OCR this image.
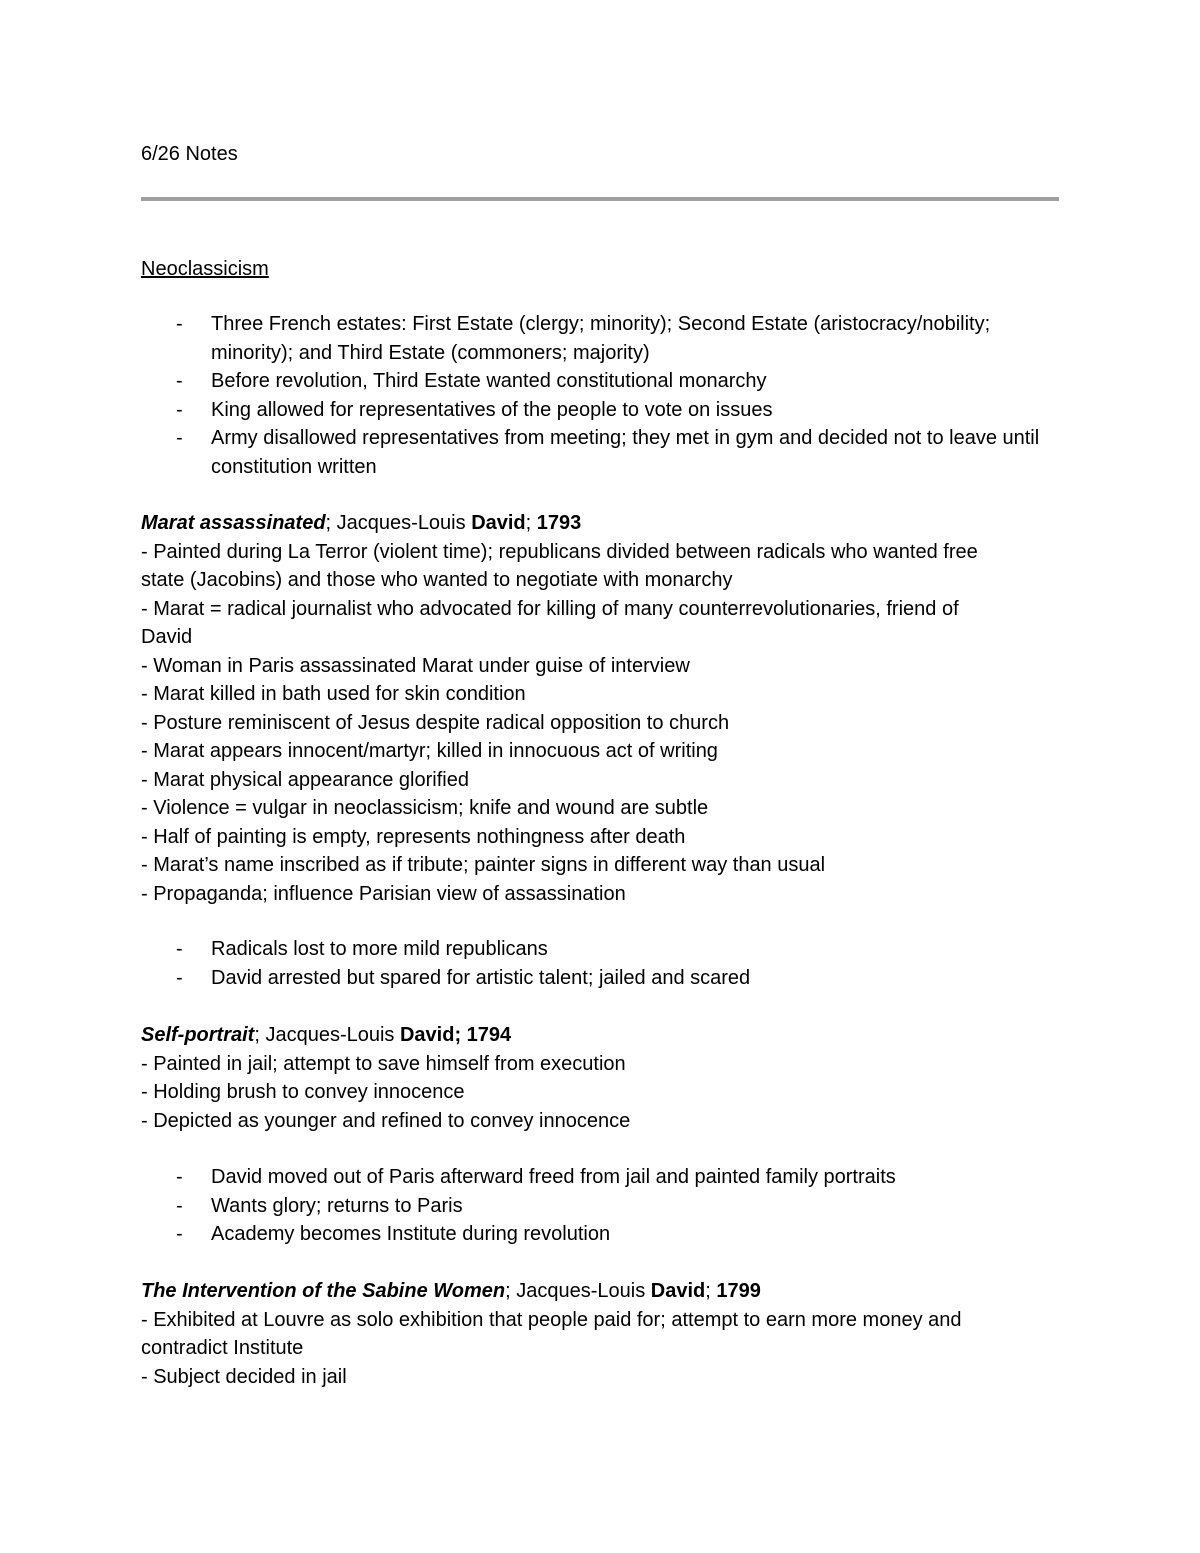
6/26 Notes
Neoclassicism
- Three French estates: First Estate (clergy; minority); Second Estate (aristocracy/nobility; minority); and Third Estate (commoners; majority)
- Before revolution, Third Estate wanted constitutional monarchy
- King allowed for representatives of the people to vote on issues
- Army disallowed representatives from meeting; they met in gym and decided not to leave until constitution written
Marat assassinated; Jacques-Louis David; 1793
- Painted during La Terror (violent time); republicans divided between radicals who wanted free
state (Jacobins) and those who wanted to negotiate with monarchy
- Marat = radical journalist who advocated for killing of many counterrevolutionaries, friend of
David
- Woman in Paris assassinated Marat under guise of interview
- Marat killed in bath used for skin condition
- Posture reminiscent of Jesus despite radical opposition to church
- Marat appears innocent/martyr; killed in innocuous act of writing
- Marat physical appearance glorified
- Violence = vulgar in neoclassicism; knife and wound are subtle
- Half of painting is empty, represents nothingness after death
- Marat’s name inscribed as if tribute; painter signs in different way than usual
- Propaganda; influence Parisian view of assassination
- Radicals lost to more mild republicans
- David arrested but spared for artistic talent; jailed and scared
Self-portrait; Jacques-Louis David; 1794
- Painted in jail; attempt to save himself from execution
- Holding brush to convey innocence
- Depicted as younger and refined to convey innocence
- David moved out of Paris afterward freed from jail and painted family portraits
- Wants glory; returns to Paris
- Academy becomes Institute during revolution
The Intervention of the Sabine Women; Jacques-Louis David; 1799
- Exhibited at Louvre as solo exhibition that people paid for; attempt to earn more money and
contradict Institute
- Subject decided in jail
